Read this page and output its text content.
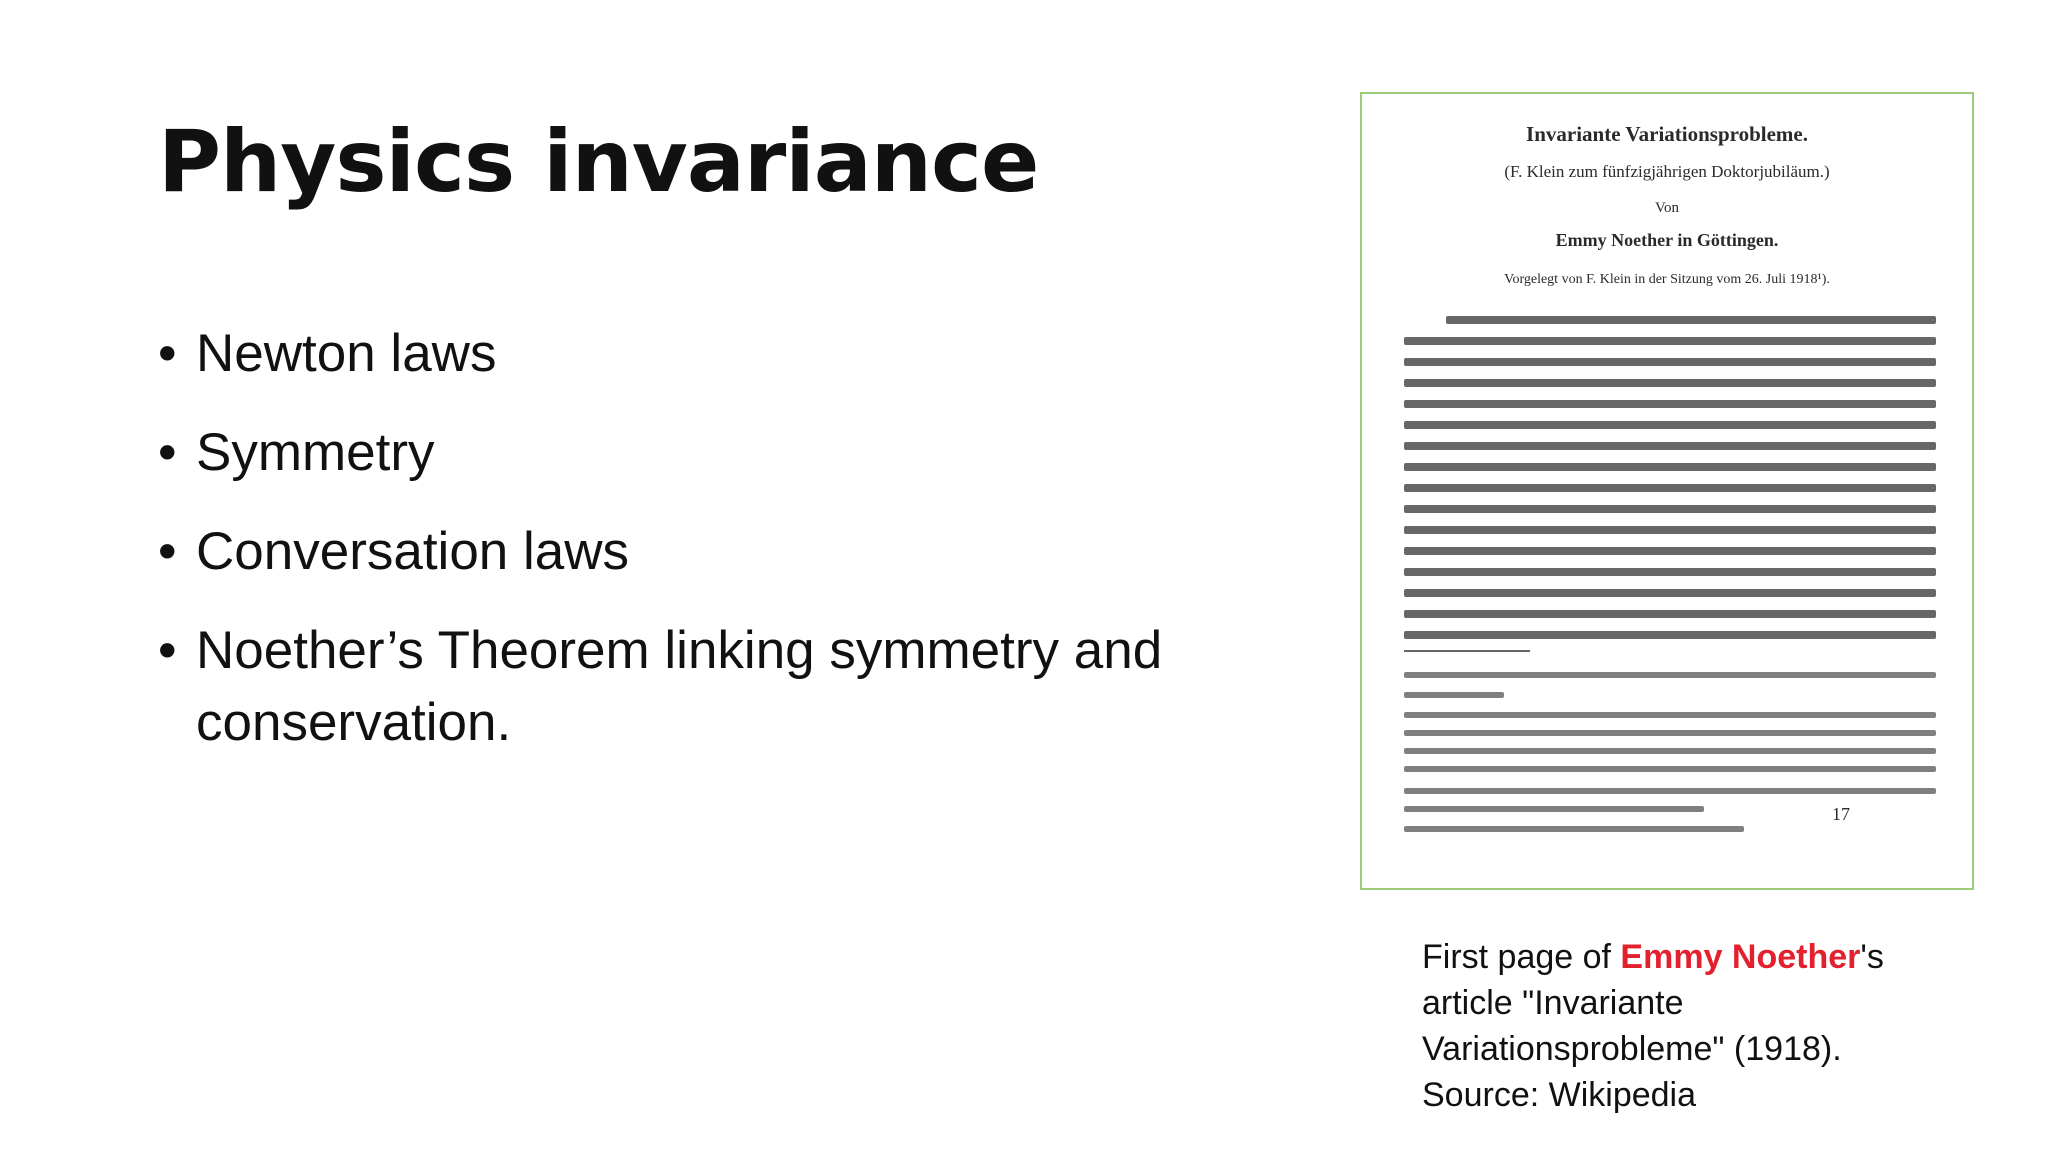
Physics invariance
• Newton laws
• Symmetry
• Conversation laws
• Noether’s Theorem linking symmetry and conservation.
Invariante Variationsprobleme.
(F. Klein zum fünfzigjährigen Doktorjubiläum.)
Von
Emmy Noether in Göttingen.
Vorgelegt von F. Klein in der Sitzung vom 26. Juli 1918¹).
17
First page of Emmy Noether's article "Invariante Variationsprobleme" (1918).
Source: Wikipedia
